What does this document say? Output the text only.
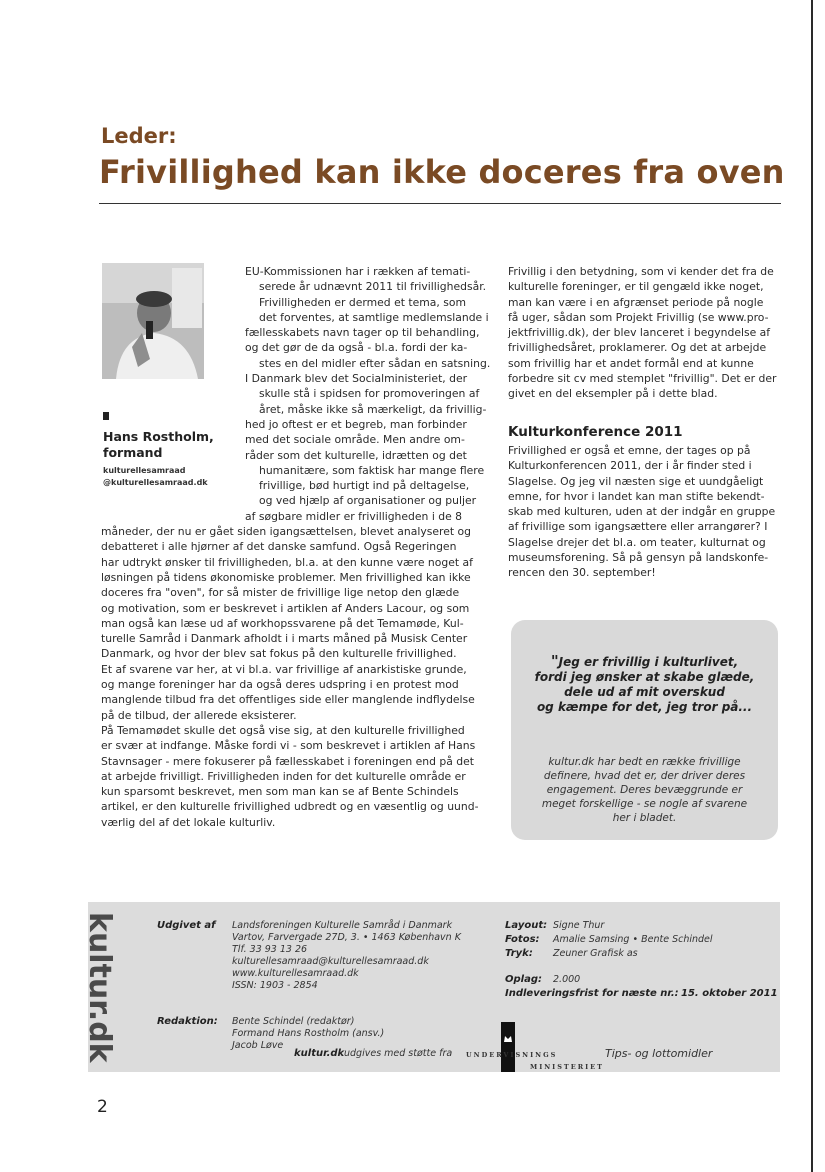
Leder:
Frivillighed kan ikke doceres fra oven
Hans Rostholm,
formand
kulturellesamraad
@kulturellesamraad.dk
EU-Kommissionen har i rækken af temati-
serede år udnævnt 2011 til frivillighedsår.
Frivilligheden er dermed et tema, som
det forventes, at samtlige medlemslande i
fællesskabets navn tager op til behandling,
og det gør de da også - bl.a. fordi der ka-
stes en del midler efter sådan en satsning.
I Danmark blev det Socialministeriet, der
skulle stå i spidsen for promoveringen af
året, måske ikke så mærkeligt, da frivillig-
hed jo oftest er et begreb, man forbinder
med det sociale område. Men andre om-
råder som det kulturelle, idrætten og det
humanitære, som faktisk har mange flere
frivillige, bød hurtigt ind på deltagelse,
og ved hjælp af organisationer og puljer
af søgbare midler er frivilligheden i de 8
måneder, der nu er gået siden igangsættelsen, blevet analyseret og
debatteret i alle hjørner af det danske samfund. Også Regeringen
har udtrykt ønsker til frivilligheden, bl.a. at den kunne være noget af
løsningen på tidens økonomiske problemer. Men frivillighed kan ikke
doceres fra "oven", for så mister de frivillige lige netop den glæde
og motivation, som er beskrevet i artiklen af Anders Lacour, og som
man også kan læse ud af workhopssvarene på det Temamøde, Kul-
turelle Samråd i Danmark afholdt i i marts måned på Musisk Center
Danmark, og hvor der blev sat fokus på den kulturelle frivillighed.
Et af svarene var her, at vi bl.a. var frivillige af anarkistiske grunde,
og mange foreninger har da også deres udspring i en protest mod
manglende tilbud fra det offentliges side eller manglende indflydelse
på de tilbud, der allerede eksisterer.
På Temamødet skulle det også vise sig, at den kulturelle frivillighed
er svær at indfange. Måske fordi vi - som beskrevet i artiklen af Hans
Stavnsager - mere fokuserer på fællesskabet i foreningen end på det
at arbejde frivilligt. Frivilligheden inden for det kulturelle område er
kun sparsomt beskrevet, men som man kan se af Bente Schindels
artikel, er den kulturelle frivillighed udbredt og en væsentlig og uund-
værlig del af det lokale kulturliv.
Frivillig i den betydning, som vi kender det fra de
kulturelle foreninger, er til gengæld ikke noget,
man kan være i en afgrænset periode på nogle
få uger, sådan som Projekt Frivillig (se www.pro-
jektfrivillig.dk), der blev lanceret i begyndelse af
frivillighedsåret, proklamerer. Og det at arbejde
som frivillig har et andet formål end at kunne
forbedre sit cv med stemplet "frivillig". Det er der
givet en del eksempler på i dette blad.
Kulturkonference 2011
Frivillighed er også et emne, der tages op på
Kulturkonferencen 2011, der i år finder sted i
Slagelse. Og jeg vil næsten sige et uundgåeligt
emne, for hvor i landet kan man stifte bekendt-
skab med kulturen, uden at der indgår en gruppe
af frivillige som igangsættere eller arrangører? I
Slagelse drejer det bl.a. om teater, kulturnat og
museumsforening. Så på gensyn på landskonfe-
rencen den 30. september!
"Jeg er frivillig i kulturlivet,
fordi jeg ønsker at skabe glæde,
dele ud af mit overskud
og kæmpe for det, jeg tror på...
kultur.dk har bedt en række frivillige
definere, hvad det er, der driver deres
engagement. Deres bevæggrunde er
meget forskellige - se nogle af svarene
her i bladet.
kultur.dk	Udgivet af Landsforeningen Kulturelle Samråd i Danmark
Vartov, Farvergade 27D, 3. • 1463 København K
Tlf. 33 93 13 26
kulturellesamraad@kulturellesamraad.dk
www.kulturellesamraad.dk
ISSN: 1903 - 2854
Redaktion: Bente Schindel (redaktør)
Formand Hans Rostholm (ansv.)
Jacob Løve
Layout: Signe Thur
Fotos: Amalie Samsing • Bente Schindel
Tryk: Zeuner Grafisk as
Oplag: 2.000
Indleveringsfrist for næste nr.: 15. oktober 2011
kultur.dk udgives med støtte fra UNDERVISNINGS
MINISTERIET
Tips- og lottomidler
2
